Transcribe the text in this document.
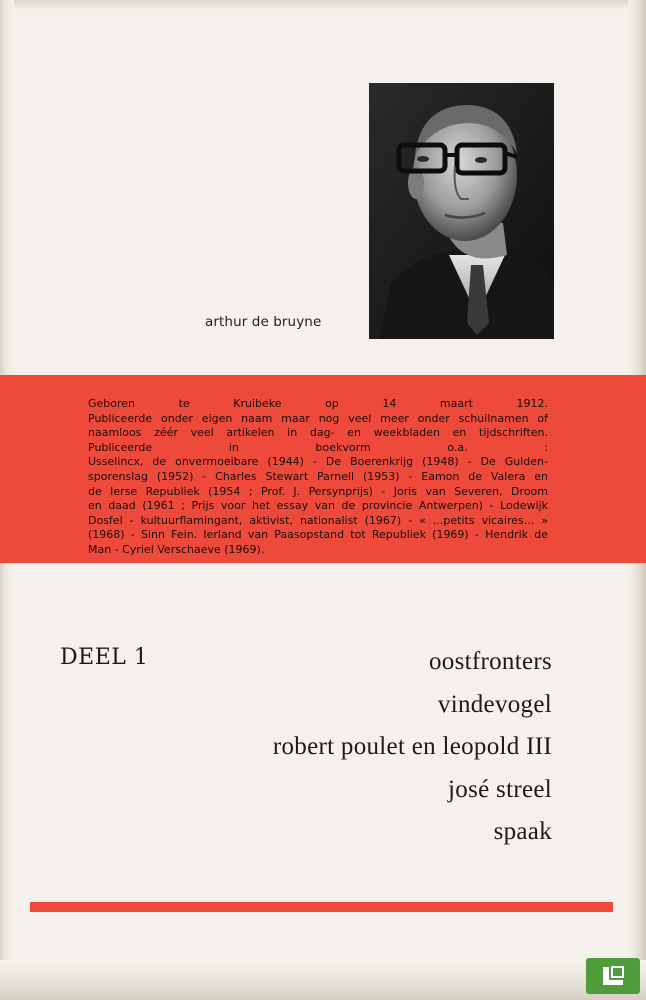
arthur de bruyne
Geboren te Kruibeke op 14 maart 1912.
Publiceerde onder eigen naam maar nog veel meer onder schuilnamen of
naamloos zéér veel artikelen in dag- en weekbladen en tijdschriften.
Publiceerde in boekvorm o.a. :
Usselincx, de onvermoeibare (1944) - De Boerenkrijg (1948) - De Gulden-
sporenslag (1952) - Charles Stewart Parnell (1953) - Eamon de Valera en
de Ierse Republiek (1954 ; Prof. J. Persynprijs) - Joris van Severen, Droom
en daad (1961 ; Prijs voor het essay van de provincie Antwerpen) - Lodewijk
Dosfel - kultuurflamingant, aktivist, nationalist (1967) - « ...petits vicaires... »
(1968) - Sinn Fein. Ierland van Paasopstand tot Republiek (1969) - Hendrik de
Man - Cyriel Verschaeve (1969).
DEEL 1	oostfronters
vindevogel
robert poulet en leopold III
josé streel
spaak
